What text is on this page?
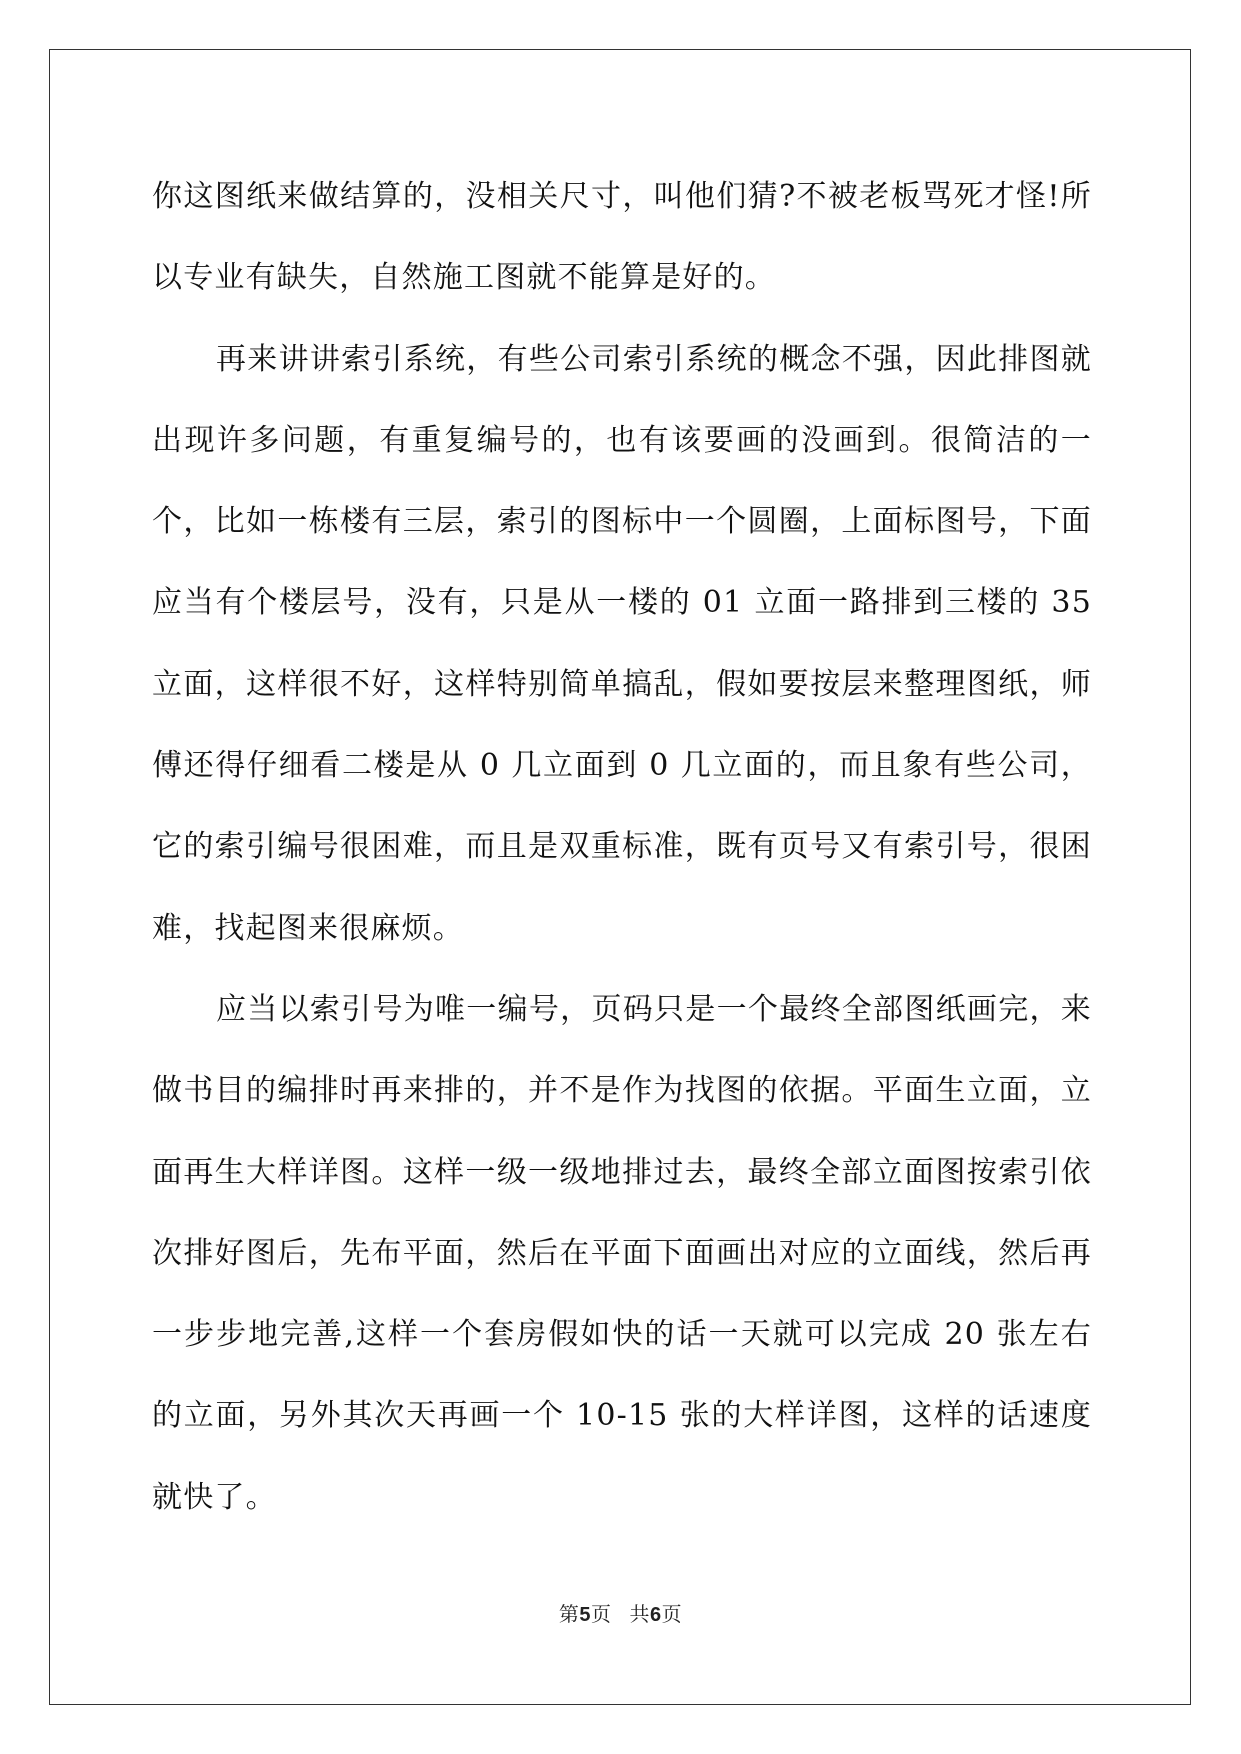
你这图纸来做结算的，没相关尺寸，叫他们猜?不被老板骂死才怪!所以专业有缺失，自然施工图就不能算是好的。

再来讲讲索引系统，有些公司索引系统的概念不强，因此排图就出现许多问题，有重复编号的，也有该要画的没画到。很简洁的一个，比如一栋楼有三层，索引的图标中一个圆圈，上面标图号，下面应当有个楼层号，没有，只是从一楼的 01 立面一路排到三楼的 35 立面，这样很不好，这样特别简单搞乱，假如要按层来整理图纸，师傅还得仔细看二楼是从 0 几立面到 0 几立面的，而且象有些公司，它的索引编号很困难，而且是双重标准，既有页号又有索引号，很困难，找起图来很麻烦。

应当以索引号为唯一编号，页码只是一个最终全部图纸画完，来做书目的编排时再来排的，并不是作为找图的依据。平面生立面，立面再生大样详图。这样一级一级地排过去，最终全部立面图按索引依次排好图后，先布平面，然后在平面下面画出对应的立面线，然后再一步步地完善,这样一个套房假如快的话一天就可以完成 20 张左右的立面，另外其次天再画一个 10-15 张的大样详图，这样的话速度就快了。

第5页 共6页
